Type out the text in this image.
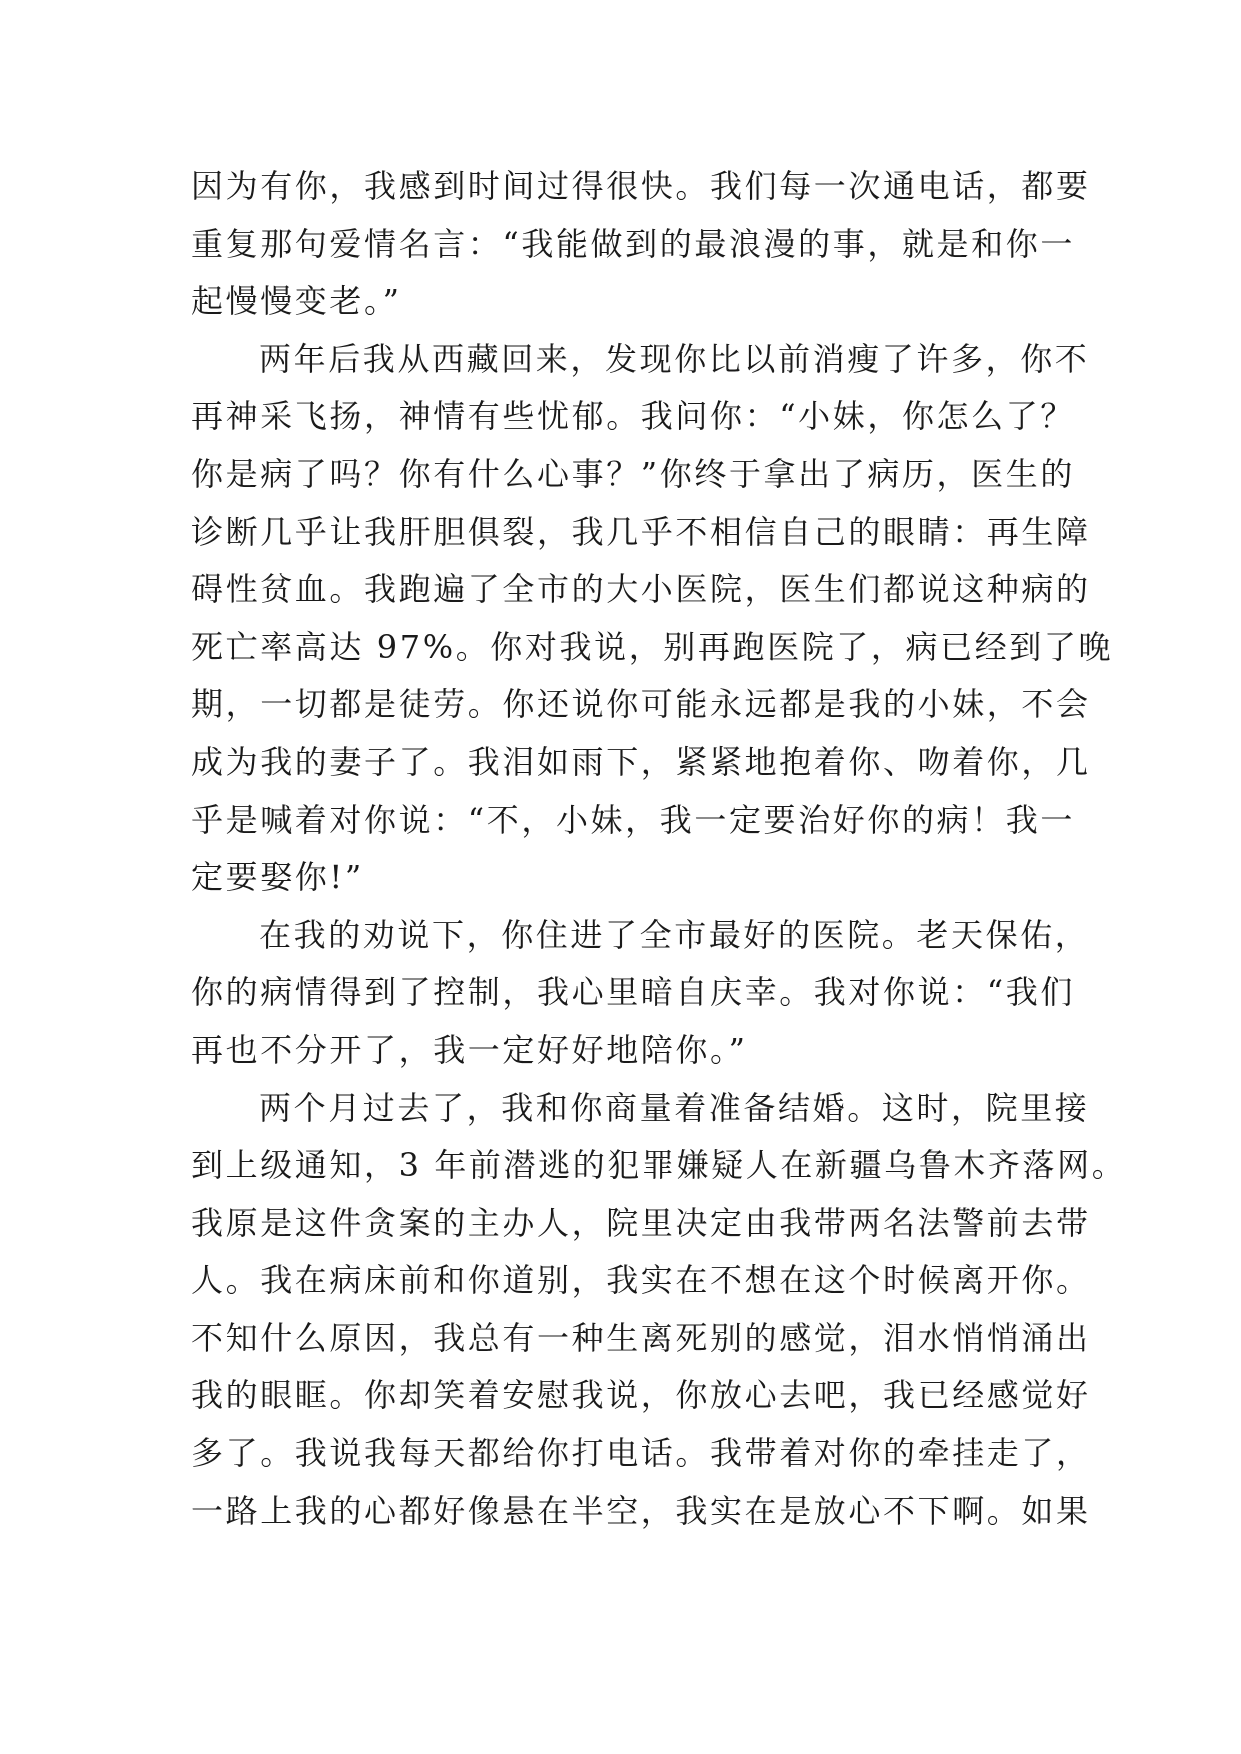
因为有你，我感到时间过得很快。我们每一次通电话，都要
重复那句爱情名言：“我能做到的最浪漫的事，就是和你一
起慢慢变老。”
两年后我从西藏回来，发现你比以前消瘦了许多，你不
再神采飞扬，神情有些忧郁。我问你：“小妹，你怎么了？
你是病了吗？你有什么心事？”你终于拿出了病历，医生的
诊断几乎让我肝胆俱裂，我几乎不相信自己的眼睛：再生障
碍性贫血。我跑遍了全市的大小医院，医生们都说这种病的
死亡率高达 97%。你对我说，别再跑医院了，病已经到了晚
期，一切都是徒劳。你还说你可能永远都是我的小妹，不会
成为我的妻子了。我泪如雨下，紧紧地抱着你、吻着你，几
乎是喊着对你说：“不，小妹，我一定要治好你的病！我一
定要娶你!”
在我的劝说下，你住进了全市最好的医院。老天保佑，
你的病情得到了控制，我心里暗自庆幸。我对你说：“我们
再也不分开了，我一定好好地陪你。”
两个月过去了，我和你商量着准备结婚。这时，院里接
到上级通知，3 年前潜逃的犯罪嫌疑人在新疆乌鲁木齐落网。
我原是这件贪案的主办人，院里决定由我带两名法警前去带
人。我在病床前和你道别，我实在不想在这个时候离开你。
不知什么原因，我总有一种生离死别的感觉，泪水悄悄涌出
我的眼眶。你却笑着安慰我说，你放心去吧，我已经感觉好
多了。我说我每天都给你打电话。我带着对你的牵挂走了，
一路上我的心都好像悬在半空，我实在是放心不下啊。如果
